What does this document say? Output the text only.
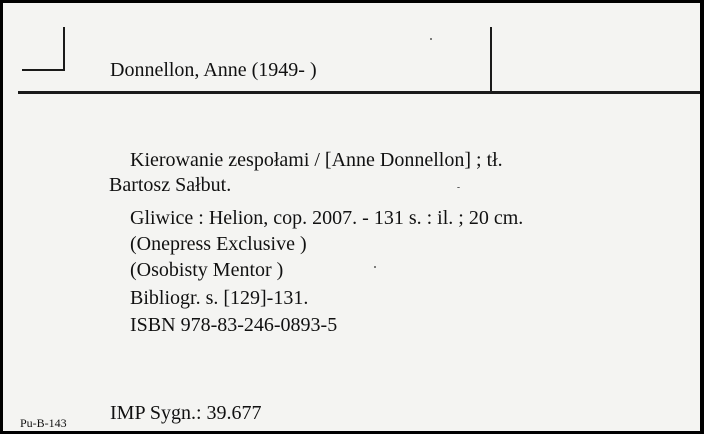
Donnellon, Anne (1949- )
Kierowanie zespołami / [Anne Donnellon] ; tł.
Bartosz Sałbut.
Gliwice : Helion, cop. 2007. - 131 s. : il. ; 20 cm.
(Onepress Exclusive )
(Osobisty Mentor )
Bibliogr. s. [129]-131.
ISBN 978-83-246-0893-5
Pu-B-143 IMP Sygn.: 39.677
